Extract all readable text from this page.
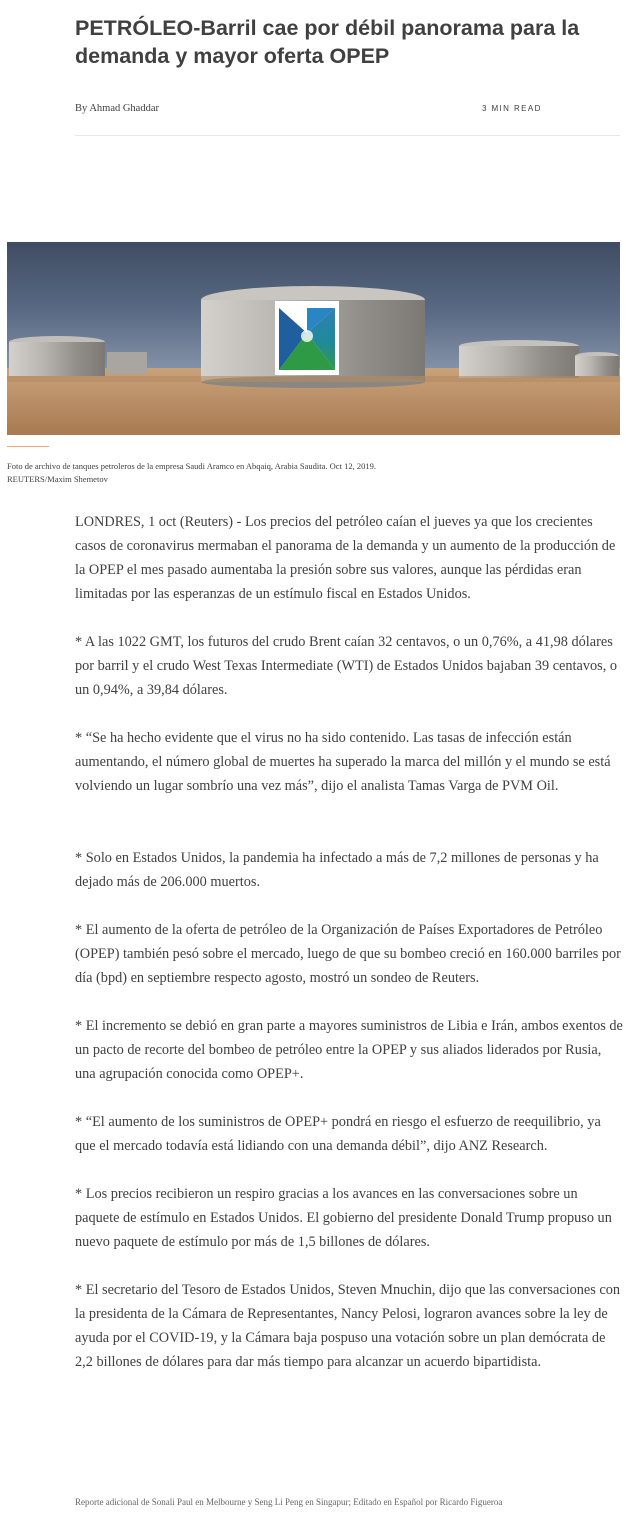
PETRÓLEO-Barril cae por débil panorama para la demanda y mayor oferta OPEP
By Ahmad Ghaddar	3 MIN READ

Foto de archivo de tanques petroleros de la empresa Saudi Aramco en Abqaiq, Arabia Saudita. Oct 12, 2019.
REUTERS/Maxim Shemetov

LONDRES, 1 oct (Reuters) - Los precios del petróleo caían el jueves ya que los crecientes casos de coronavirus mermaban el panorama de la demanda y un aumento de la producción de la OPEP el mes pasado aumentaba la presión sobre sus valores, aunque las pérdidas eran limitadas por las esperanzas de un estímulo fiscal en Estados Unidos.

* A las 1022 GMT, los futuros del crudo Brent caían 32 centavos, o un 0,76%, a 41,98 dólares por barril y el crudo West Texas Intermediate (WTI) de Estados Unidos bajaban 39 centavos, o un 0,94%, a 39,84 dólares.

* “Se ha hecho evidente que el virus no ha sido contenido. Las tasas de infección están aumentando, el número global de muertes ha superado la marca del millón y el mundo se está volviendo un lugar sombrío una vez más”, dijo el analista Tamas Varga de PVM Oil.

* Solo en Estados Unidos, la pandemia ha infectado a más de 7,2 millones de personas y ha dejado más de 206.000 muertos.

* El aumento de la oferta de petróleo de la Organización de Países Exportadores de Petróleo (OPEP) también pesó sobre el mercado, luego de que su bombeo creció en 160.000 barriles por día (bpd) en septiembre respecto agosto, mostró un sondeo de Reuters.

* El incremento se debió en gran parte a mayores suministros de Libia e Irán, ambos exentos de un pacto de recorte del bombeo de petróleo entre la OPEP y sus aliados liderados por Rusia, una agrupación conocida como OPEP+.

* “El aumento de los suministros de OPEP+ pondrá en riesgo el esfuerzo de reequilibrio, ya que el mercado todavía está lidiando con una demanda débil”, dijo ANZ Research.

* Los precios recibieron un respiro gracias a los avances en las conversaciones sobre un paquete de estímulo en Estados Unidos. El gobierno del presidente Donald Trump propuso un nuevo paquete de estímulo por más de 1,5 billones de dólares.

* El secretario del Tesoro de Estados Unidos, Steven Mnuchin, dijo que las conversaciones con la presidenta de la Cámara de Representantes, Nancy Pelosi, lograron avances sobre la ley de ayuda por el COVID-19, y la Cámara baja pospuso una votación sobre un plan demócrata de 2,2 billones de dólares para dar más tiempo para alcanzar un acuerdo bipartidista.

Reporte adicional de Sonali Paul en Melbourne y Seng Li Peng en Singapur; Editado en Español por Ricardo Figueroa
